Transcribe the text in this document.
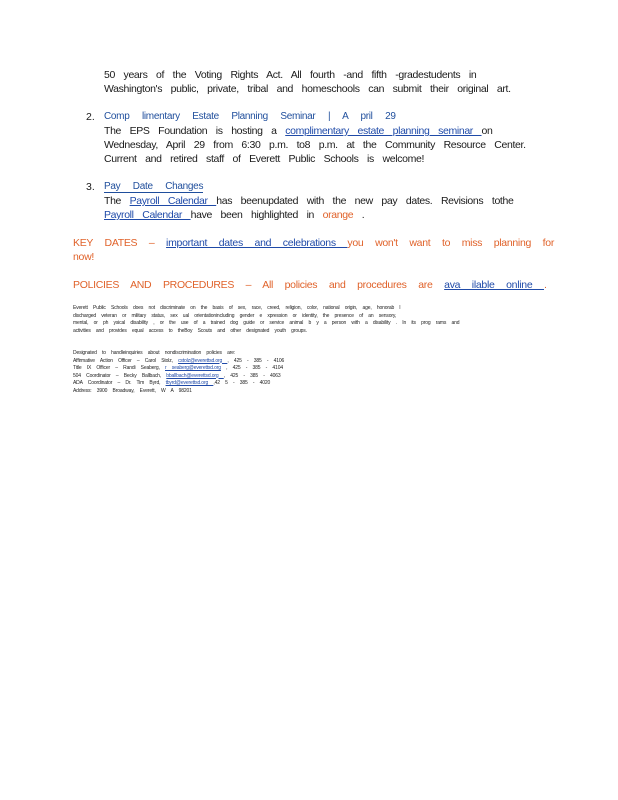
50 years of the Voting Rights Act. All fourth -and fifth -gradestudents in
Washington's public, private, tribal and homeschools can submit their original art.
2. Comp limentary Estate Planning Seminar | A pril 29
The EPS Foundation is hosting a complimentary estate planning seminar on
Wednesday, April 29 from 6:30 p.m. to8 p.m. at the Community Resource Center.
Current and retired staff of Everett Public Schools is welcome!
3. Pay Date Changes
The Payroll Calendar has beenupdated with the new pay dates. Revisions tothe
Payroll Calendar have been highlighted in orange .
KEY DATES – important dates and celebrations you won't want to miss planning for
now!
POLICIES AND PROCEDURES – All policies and procedures are ava ilable online .
Everett Public Schools does not discriminate on the basis of sex, race, creed, religion, color, national origin, age, honorab l
discharged veteran or military status, sex ual orientationincluding gender e xpression or identity, the presence of an sensory,
mental, or ph ysical disability , or the use of a trained dog guide or service animal b y a person with a disability . In its prog rams and
activities and provides equal access to theBoy Scouts and other designated youth groups.
Designated to handleinquiries about nondiscrimination policies are:
Affirmative Action Officer – Carol Stolz, cstolz@everettsd.org , 425 - 385 - 4106
Title IX Officer – Randi Seaberg, r seaberg@everettsd.org , 425 - 385 - 4104
504 Coordinator – Becky Ballbach, bballbach@everettsd.org , 425 - 385 - 4063
ADA Coordinator – Dr. Tim Byrd, tbyrd@everettsd.org ,42 5 - 385 - 4020
Address: 3900 Broadway, Everett, W A 98201
